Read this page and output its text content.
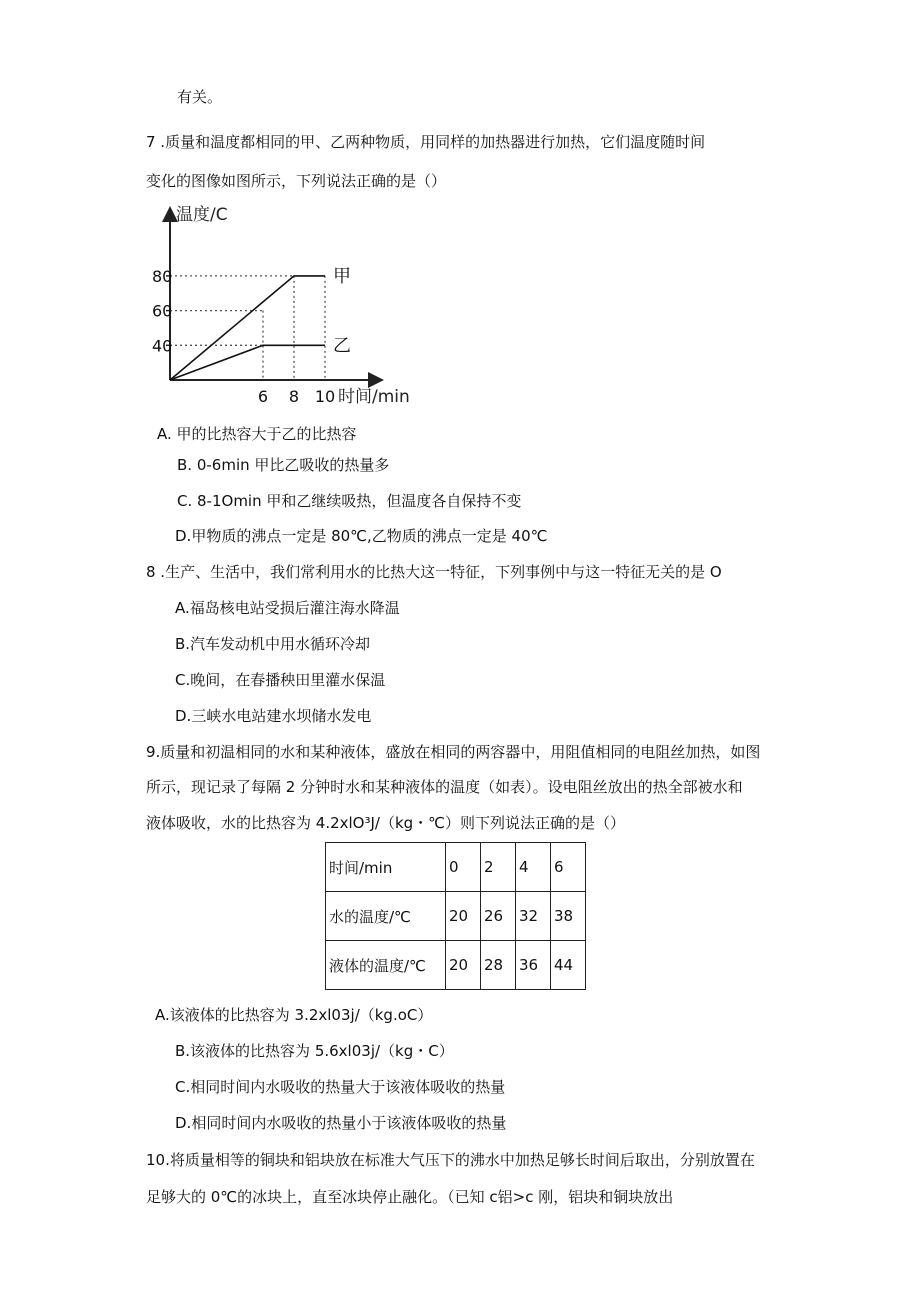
有关。
7 .质量和温度都相同的甲、乙两种物质，用同样的加热器进行加热，它们温度随时间
变化的图像如图所示，下列说法正确的是（）
温度/C
时间/min
甲
乙
80
60
40
6 8 10
A. 甲的比热容大于乙的比热容
B. 0-6min 甲比乙吸收的热量多
C. 8-1Omin 甲和乙继续吸热，但温度各自保持不变
D.甲物质的沸点一定是 80℃,乙物质的沸点一定是 40℃
8 .生产、生活中，我们常利用水的比热大这一特征，下列事例中与这一特征无关的是 O
A.福岛核电站受损后灌注海水降温
B.汽车发动机中用水循环冷却
C.晚间，在春播秧田里灌水保温
D.三峡水电站建水坝储水发电
9.质量和初温相同的水和某种液体，盛放在相同的两容器中，用阻值相同的电阻丝加热，如图
所示，现记录了每隔 2 分钟时水和某种液体的温度（如表）。设电阻丝放出的热全部被水和
液体吸收，水的比热容为 4.2xlO³J/（kg・℃）则下列说法正确的是（）
时间/min	0	2	4	6
水的温度/℃	20	26	32	38
液体的温度/℃	20	28	36	44
A.该液体的比热容为 3.2xl03j/（kg.oC）
B.该液体的比热容为 5.6xl03j/（kg・C）
C.相同时间内水吸收的热量大于该液体吸收的热量
D.相同时间内水吸收的热量小于该液体吸收的热量
10.将质量相等的铜块和铝块放在标准大气压下的沸水中加热足够长时间后取出，分别放置在
足够大的 0℃的冰块上，直至冰块停止融化。（已知 c铝>c 刚，铝块和铜块放出
